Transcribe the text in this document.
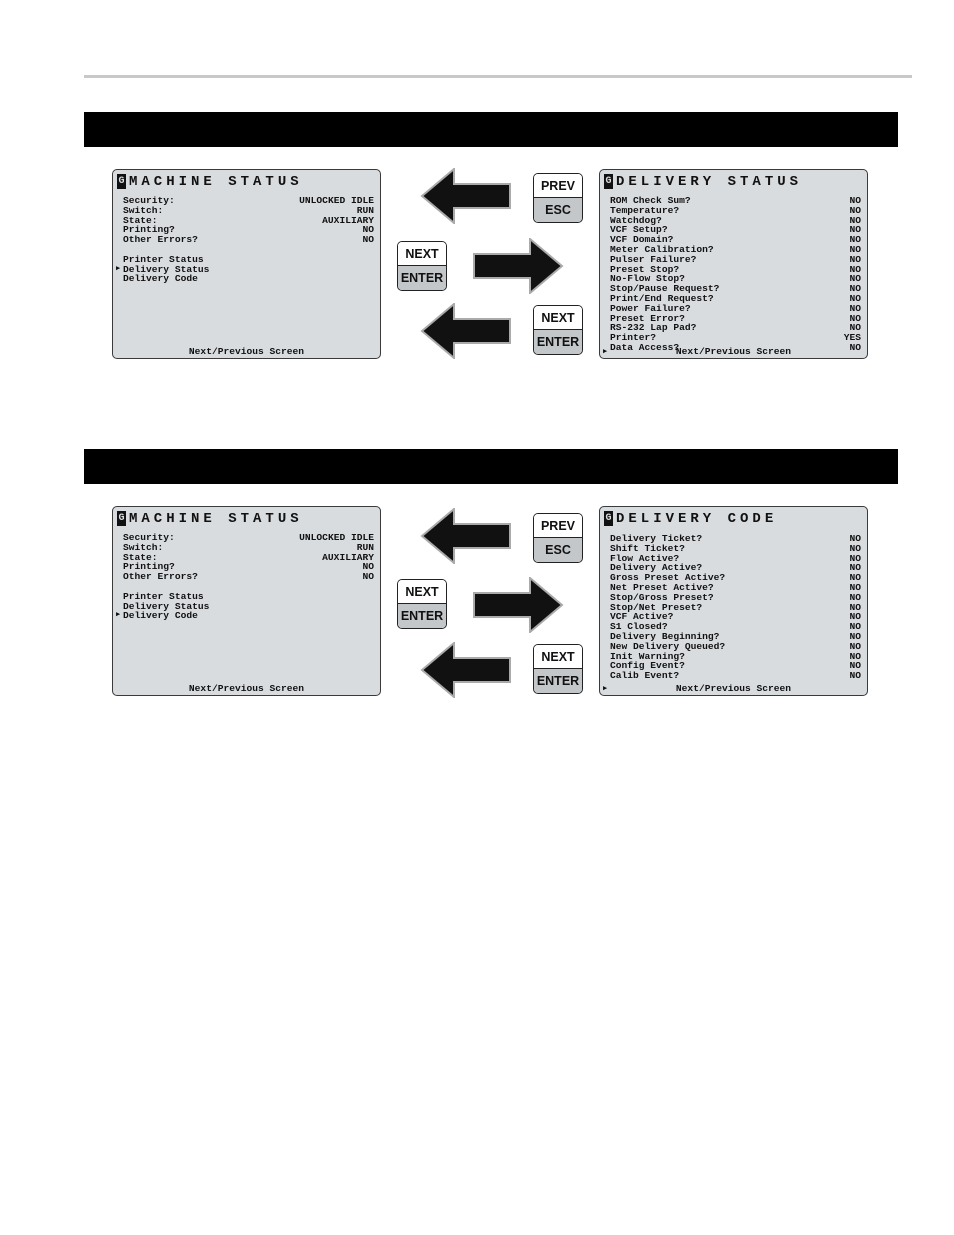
G MACHINE STATUS
Security:	UNLOCKED IDLE
Switch:	RUN
State:	AUXILIARY
Printing?	NO
Other Errors?	NO
Printer Status
▶ Delivery Status
Delivery Code
Next/Previous Screen
PREV
ESC
NEXT
ENTER
NEXT
ENTER
G DELIVERY STATUS
ROM Check Sum?	NO
Temperature?	NO
Watchdog?	NO
VCF Setup?	NO
VCF Domain?	NO
Meter Calibration?	NO
Pulser Failure?	NO
Preset Stop?	NO
No-Flow Stop?	NO
Stop/Pause Request?	NO
Print/End Request?	NO
Power Failure?	NO
Preset Error?	NO
RS-232 Lap Pad?	NO
Printer?	YES
Data Access?	NO
▶	Next/Previous Screen
G MACHINE STATUS
Security:	UNLOCKED IDLE
Switch:	RUN
State:	AUXILIARY
Printing?	NO
Other Errors?	NO
Printer Status
Delivery Status
▶ Delivery Code
Next/Previous Screen
PREV
ESC
NEXT
ENTER
NEXT
ENTER
G DELIVERY CODE
Delivery Ticket?	NO
Shift Ticket?	NO
Flow Active?	NO
Delivery Active?	NO
Gross Preset Active?	NO
Net Preset Active?	NO
Stop/Gross Preset?	NO
Stop/Net Preset?	NO
VCF Active?	NO
S1 Closed?	NO
Delivery Beginning?	NO
New Delivery Queued?	NO
Init Warning?	NO
Config Event?	NO
Calib Event?	NO
▶	Next/Previous Screen
